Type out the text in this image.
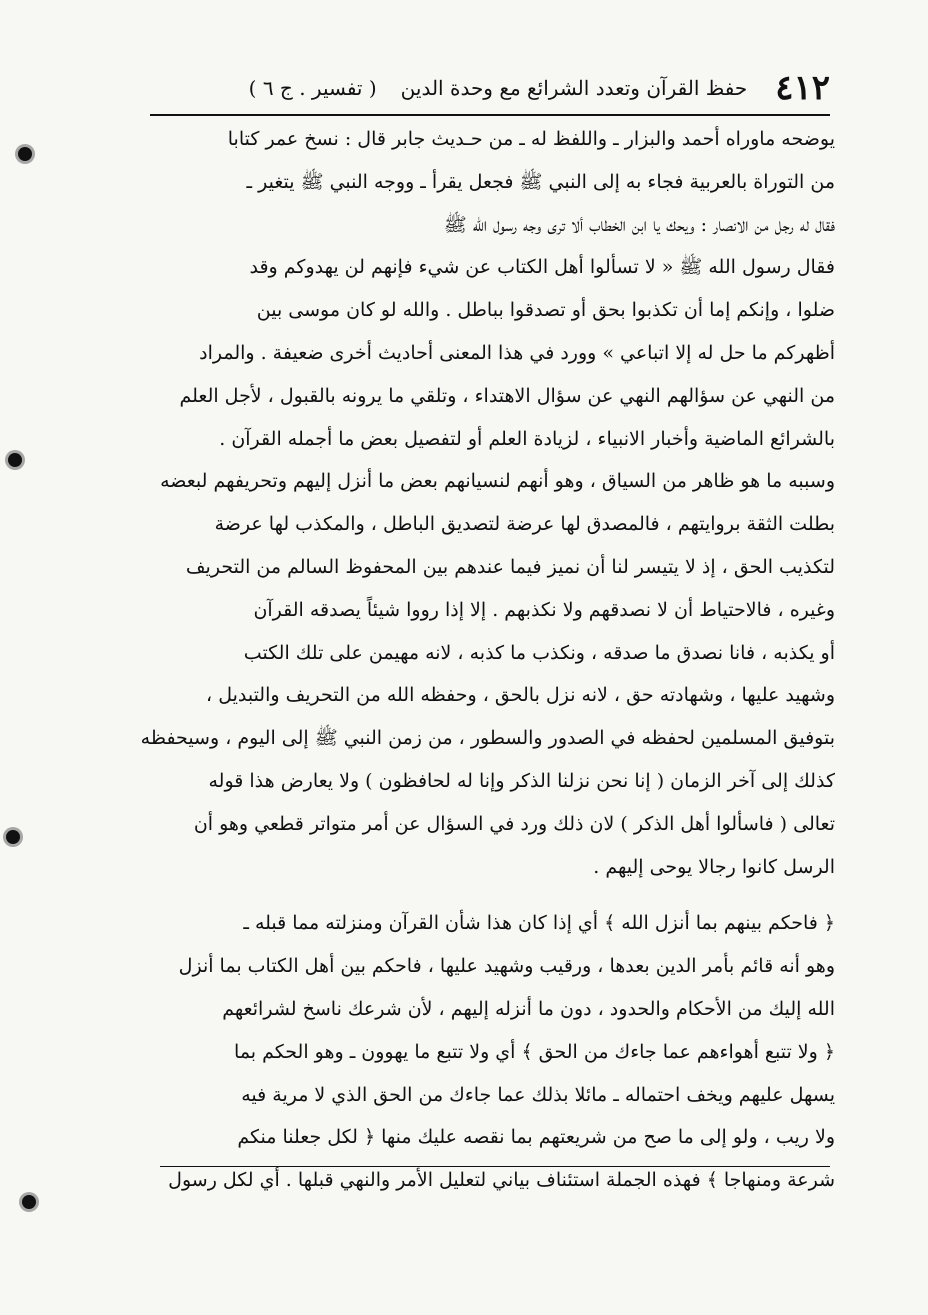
٤١٢
حفظ القرآن وتعدد الشرائع مع وحدة الدين
( تفسير . ج ٦ )
يوضحه ماوراه أحمد والبزار ـ واللفظ له ـ من حـديث جابر قال : نسخ عمر كتابا
من التوراة بالعربية فجاء به إلى النبي ﷺ فجعل يقرأ ـ ووجه النبي ﷺ يتغير ـ
فقال له رجل من الانصار : ويحك يا ابن الخطاب ألا ترى وجه رسول الله ﷺ
فقال رسول الله ﷺ « لا تسألوا أهل الكتاب عن شيء فإنهم لن يهدوكم وقد
ضلوا ، وإنكم إما أن تكذبوا بحق أو تصدقوا بباطل . والله لو كان موسى بين
أظهركم ما حل له إلا اتباعي » وورد في هذا المعنى أحاديث أخرى ضعيفة . والمراد
من النهي عن سؤالهم النهي عن سؤال الاهتداء ، وتلقي ما يرونه بالقبول ، لأجل العلم
بالشرائع الماضية وأخبار الانبياء ، لزيادة العلم أو لتفصيل بعض ما أجمله القرآن .
وسببه ما هو ظاهر من السياق ، وهو أنهم لنسيانهم بعض ما أنزل إليهم وتحريفهم لبعضه
بطلت الثقة بروايتهم ، فالمصدق لها عرضة لتصديق الباطل ، والمكذب لها عرضة
لتكذيب الحق ، إذ لا يتيسر لنا أن نميز فيما عندهم بين المحفوظ السالم من التحريف
وغيره ، فالاحتياط أن لا نصدقهم ولا نكذبهم . إلا إذا رووا شيئاً يصدقه القرآن
أو يكذبه ، فانا نصدق ما صدقه ، ونكذب ما كذبه ، لانه مهيمن على تلك الكتب
وشهيد عليها ، وشهادته حق ، لانه نزل بالحق ، وحفظه الله من التحريف والتبديل ،
بتوفيق المسلمين لحفظه في الصدور والسطور ، من زمن النبي ﷺ إلى اليوم ، وسيحفظه
كذلك إلى آخر الزمان ( إنا نحن نزلنا الذكر وإنا له لحافظون ) ولا يعارض هذا قوله
تعالى ( فاسألوا أهل الذكر ) لان ذلك ورد في السؤال عن أمر متواتر قطعي وهو أن
الرسل كانوا رجالا يوحى إليهم .
﴿ فاحكم بينهم بما أنزل الله ﴾ أي إذا كان هذا شأن القرآن ومنزلته مما قبله ـ
وهو أنه قائم بأمر الدين بعدها ، ورقيب وشهيد عليها ، فاحكم بين أهل الكتاب بما أنزل
الله إليك من الأحكام والحدود ، دون ما أنزله إليهم ، لأن شرعك ناسخ لشرائعهم
﴿ ولا تتبع أهواءهم عما جاءك من الحق ﴾ أي ولا تتبع ما يهوون ـ وهو الحكم بما
يسهل عليهم ويخف احتماله ـ مائلا بذلك عما جاءك من الحق الذي لا مرية فيه
ولا ريب ، ولو إلى ما صح من شريعتهم بما نقصه عليك منها ﴿ لكل جعلنا منكم
شرعة ومنهاجا ﴾ فهذه الجملة استئناف بياني لتعليل الأمر والنهي قبلها . أي لكل رسول
